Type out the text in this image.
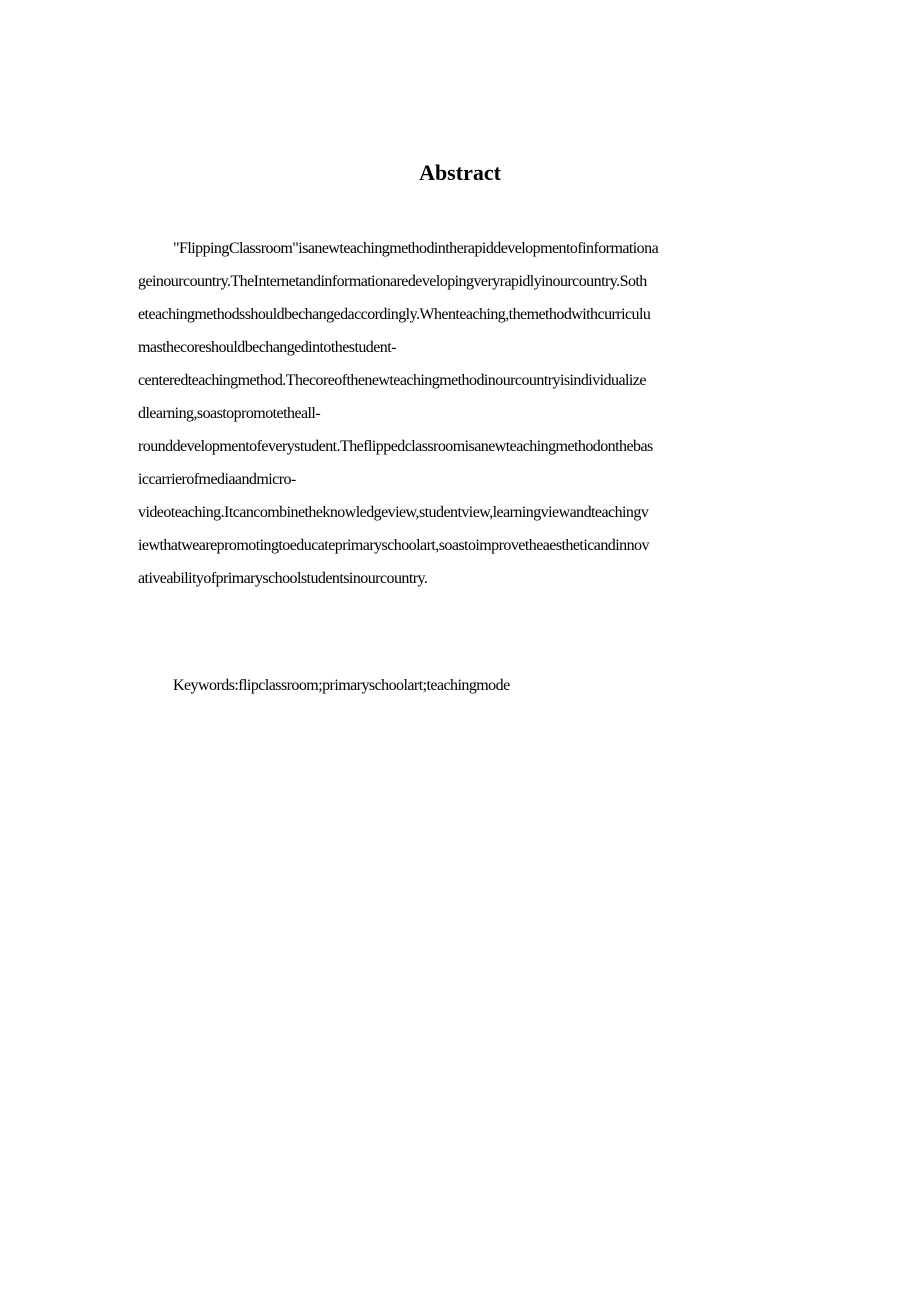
Abstract
"FlippingClassroom"isanewteachingmethodintherapiddevelopmentofinformationa
geinourcountry.TheInternetandinformationaredevelopingveryrapidlyinourcountry.Soth
eteachingmethodsshouldbechangedaccordingly.Whenteaching,themethodwithcurriculu
masthecoreshouldbechangedintothestudent-
centeredteachingmethod.Thecoreofthenewteachingmethodinourcountryisindividualize
dlearning,soastopromotetheall-
rounddevelopmentofeverystudent.Theflippedclassroomisanewteachingmethodonthebas
iccarrierofmediaandmicro-
videoteaching.Itcancombinetheknowledgeview,studentview,learningviewandteachingv
iewthatwearepromotingtoeducateprimaryschoolart,soastoimprovetheaestheticandinnov
ativeabilityofprimaryschoolstudentsinourcountry.
Keywords:flipclassroom;primaryschoolart;teachingmode
